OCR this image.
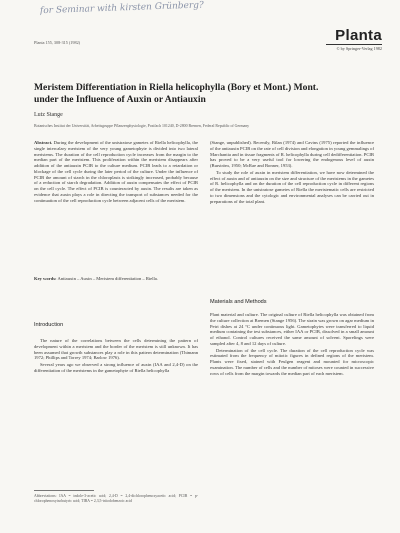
for Seminar with kirsten Grünberg?
Planta 155, 308-315 (1982)	Planta
© by Springer-Verlag 1982
Meristem Differentiation in Riella helicophylla (Bory et Mont.) Mont. under the Influence of Auxin or Antiauxin
Lutz Stange
Botanisches Institut der Universität, Arbeitsgruppe Pflanzenphysiologie, Postfach 101240, D-2800 Bremen, Federal Republic of Germany

Abstract. During the development of the unistratose gametes of Riella helicophylla, the single intercalary meristem of the very young gametophyte is divided into two lateral meristems. The duration of the cell reproduction cycle increases from the margin to the median part of the meristem. This proliferation within the meristem disappears after addition of the antiauxin PCIB to the culture medium. PCIB leads to a retardation or blockage of the cell cycle during the later period of the culture. Under the influence of PCIB the amount of starch in the chloroplasts is strikingly increased, probably because of a reduction of starch degradation. Addition of auxin compensates the effect of PCIB on the cell cycle. The effect of PCIB is counteracted by auxin. The results are taken as evidence that auxin plays a role in directing the transport of substances needed for the continuation of the cell reproduction cycle between adjacent cells of the meristem.

Key words: Antiauxin – Auxin – Meristem differentiation – Riella.

Introduction

The nature of the correlations between the cells determining the pattern of development within a meristem and the border of the meristem is still unknown. It has been assumed that growth substances play a role in this pattern determination (Thimann 1972; Phillips and Torrey 1974; Barlow 1976).

Several years ago we observed a strong influence of auxin (IAA and 2,4-D) on the differentiation of the meristems in the gametophyte of Riella helicophylla

Abbreviations: IAA = indole-3-acetic acid; 2,4-D = 2,4-dichlorophenoxyacetic acid; PCIB = p-chlorophenoxyisobutyric acid; TIBA = 2,3,5-triiodobenzoic acid

(Stange, unpublished). Recently, Bilan (1974) and Cavins (1975) reported the influence of the antiauxin PCIB on the rate of cell division and elongation in young gemmalings of Marchantia and in tissue fragments of R. helicophylla during cell dedifferentiation. PCIB has proved to be a very useful tool for lowering the endogenous level of auxin (Burström, 1950; McRae and Bonner, 1953).

To study the role of auxin in meristem differentiation, we have now determined the effect of auxin and of antiauxin on the size and structure of the meristems in the gametes of R. helicophylla and on the duration of the cell reproduction cycle in different regions of the meristem. In the unistratose gametes of Riella the meristematic cells are restricted to two dimensions and the cytologic and environmental analyses can be carried out in preparations of the total plant.

Materials and Methods

Plant material and culture. The original culture of Riella helicophylla was obtained from the culture collection at Bremen (Stange 1956). The strain was grown on agar medium in Petri dishes at 24 °C under continuous light. Gametophytes were transferred to liquid medium containing the test substances, either IAA or PCIB, dissolved in a small amount of ethanol. Control cultures received the same amount of solvent. Sporelings were sampled after 4, 8 and 12 days of culture.

Determination of the cell cycle. The duration of the cell reproduction cycle was estimated from the frequency of mitotic figures in defined regions of the meristem. Plants were fixed, stained with Feulgen reagent and mounted for microscopic examination. The number of cells and the number of mitoses were counted in successive rows of cells from the margin towards the median part of each meristem.
